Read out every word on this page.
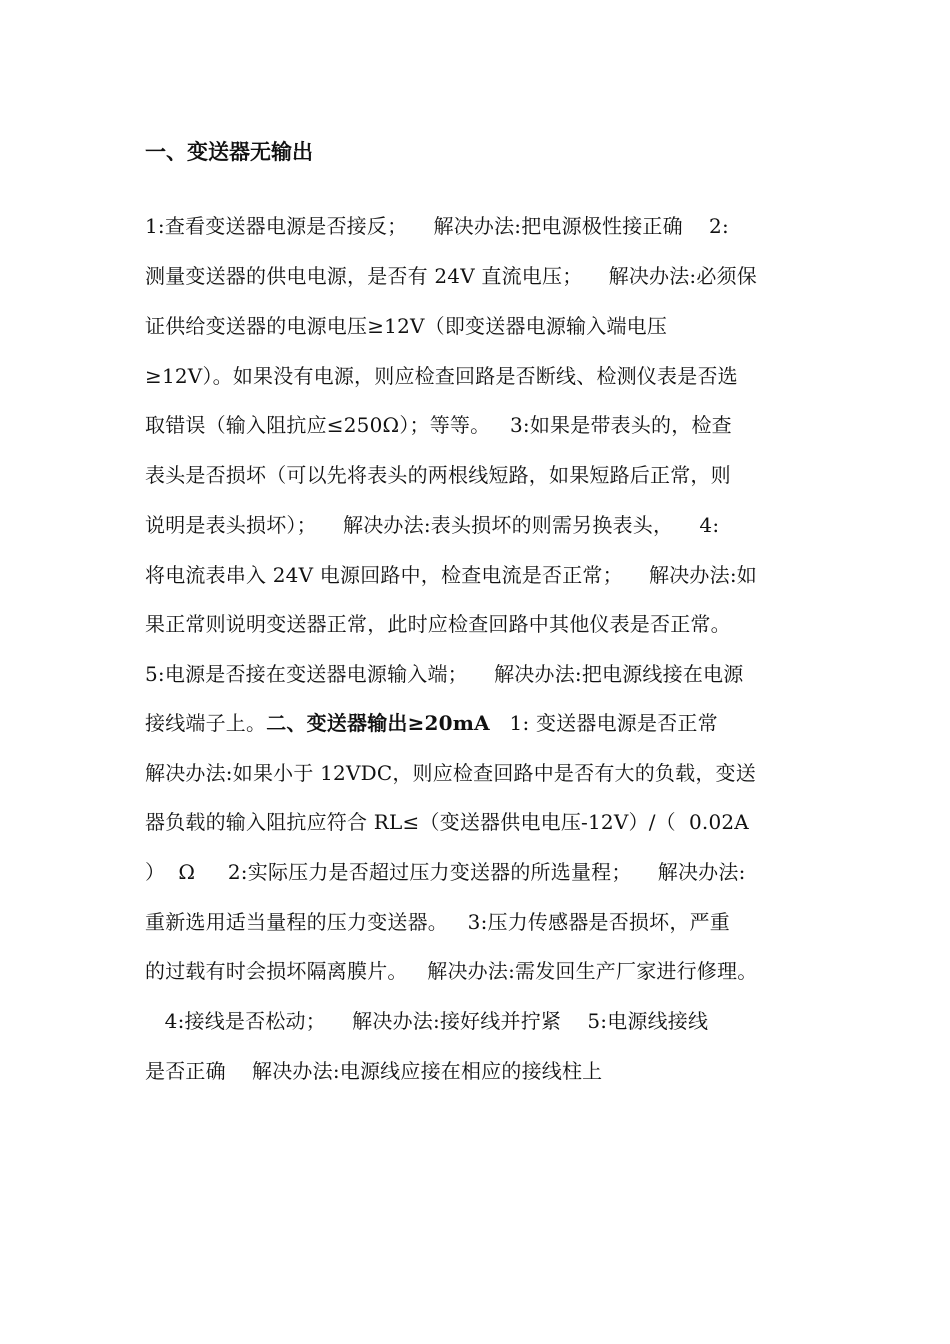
一、变送器无输出
1:查看变送器电源是否接反；    解决办法:把电源极性接正确    2:
测量变送器的供电电源，是否有 24V 直流电压；    解决办法:必须保
证供给变送器的电源电压≥12V（即变送器电源输入端电压
≥12V）。如果没有电源，则应检查回路是否断线、检测仪表是否选
取错误（输入阻抗应≤250Ω）；等等。   3:如果是带表头的，检查
表头是否损坏（可以先将表头的两根线短路，如果短路后正常，则
说明是表头损坏）；    解决办法:表头损坏的则需另换表头，    4:
将电流表串入 24V 电源回路中，检查电流是否正常；    解决办法:如
果正常则说明变送器正常，此时应检查回路中其他仪表是否正常。
5:电源是否接在变送器电源输入端；    解决办法:把电源线接在电源
接线端子上。二、变送器输出≥20mA   1: 变送器电源是否正常
解决办法:如果小于 12VDC，则应检查回路中是否有大的负载，变送
器负载的输入阻抗应符合 RL≤（变送器供电电压-12V）/（  0.02A
）  Ω     2:实际压力是否超过压力变送器的所选量程；    解决办法:
重新选用适当量程的压力变送器。   3:压力传感器是否损坏，严重
的过载有时会损坏隔离膜片。   解决办法:需发回生产厂家进行修理。
4:接线是否松动；    解决办法:接好线并拧紧    5:电源线接线
是否正确    解决办法:电源线应接在相应的接线柱上
